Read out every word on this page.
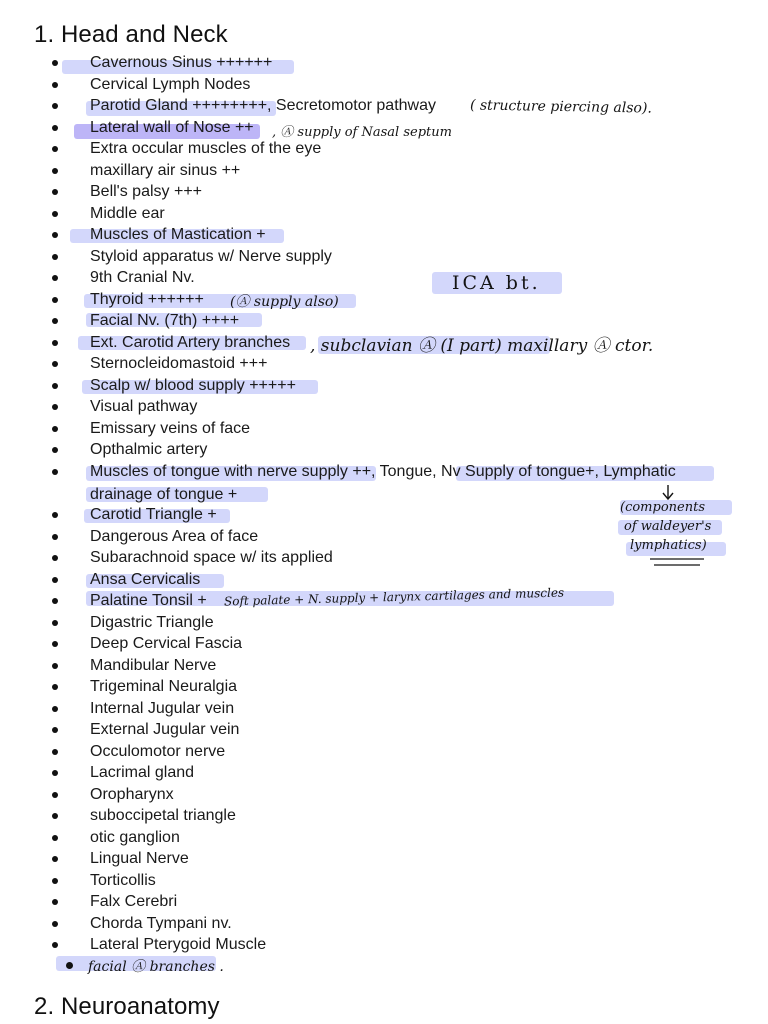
1. Head and Neck
Cavernous Sinus ++++++
Cervical Lymph Nodes
Parotid Gland ++++++++, Secretomotor pathway
Lateral wall of Nose ++
Extra occular muscles of the eye
maxillary air sinus ++
Bell's palsy +++
Middle ear
Muscles of Mastication +
Styloid apparatus w/ Nerve supply
9th Cranial Nv.
Thyroid ++++++
Facial Nv. (7th) ++++
Ext. Carotid Artery branches
Sternocleidomastoid +++
Scalp w/ blood supply +++++
Visual pathway
Emissary veins of face
Opthalmic artery
Muscles of tongue with nerve supply ++, Tongue, Nv Supply of tongue+, Lymphatic
Carotid Triangle +
Dangerous Area of face
Subarachnoid space w/ its applied
Ansa Cervicalis
Palatine Tonsil +
Digastric Triangle
Deep Cervical Fascia
Mandibular Nerve
Trigeminal Neuralgia
Internal Jugular vein
External Jugular vein
Occulomotor nerve
Lacrimal gland
Oropharynx
suboccipetal triangle
otic ganglion
Lingual Nerve
Torticollis
Falx Cerebri
Chorda Tympani nv.
Lateral Pterygoid Muscle
drainage of tongue +
( structure piercing also).
, Ⓐ supply of Nasal septum
ICA bt.
(Ⓐ supply also)
, subclavian Ⓐ (I part) maxillary Ⓐ ctor.
Soft palate + N. supply + larynx cartilages and muscles
(components
of waldeyer's
lymphatics)
facial Ⓐ branches .
2. Neuroanatomy
